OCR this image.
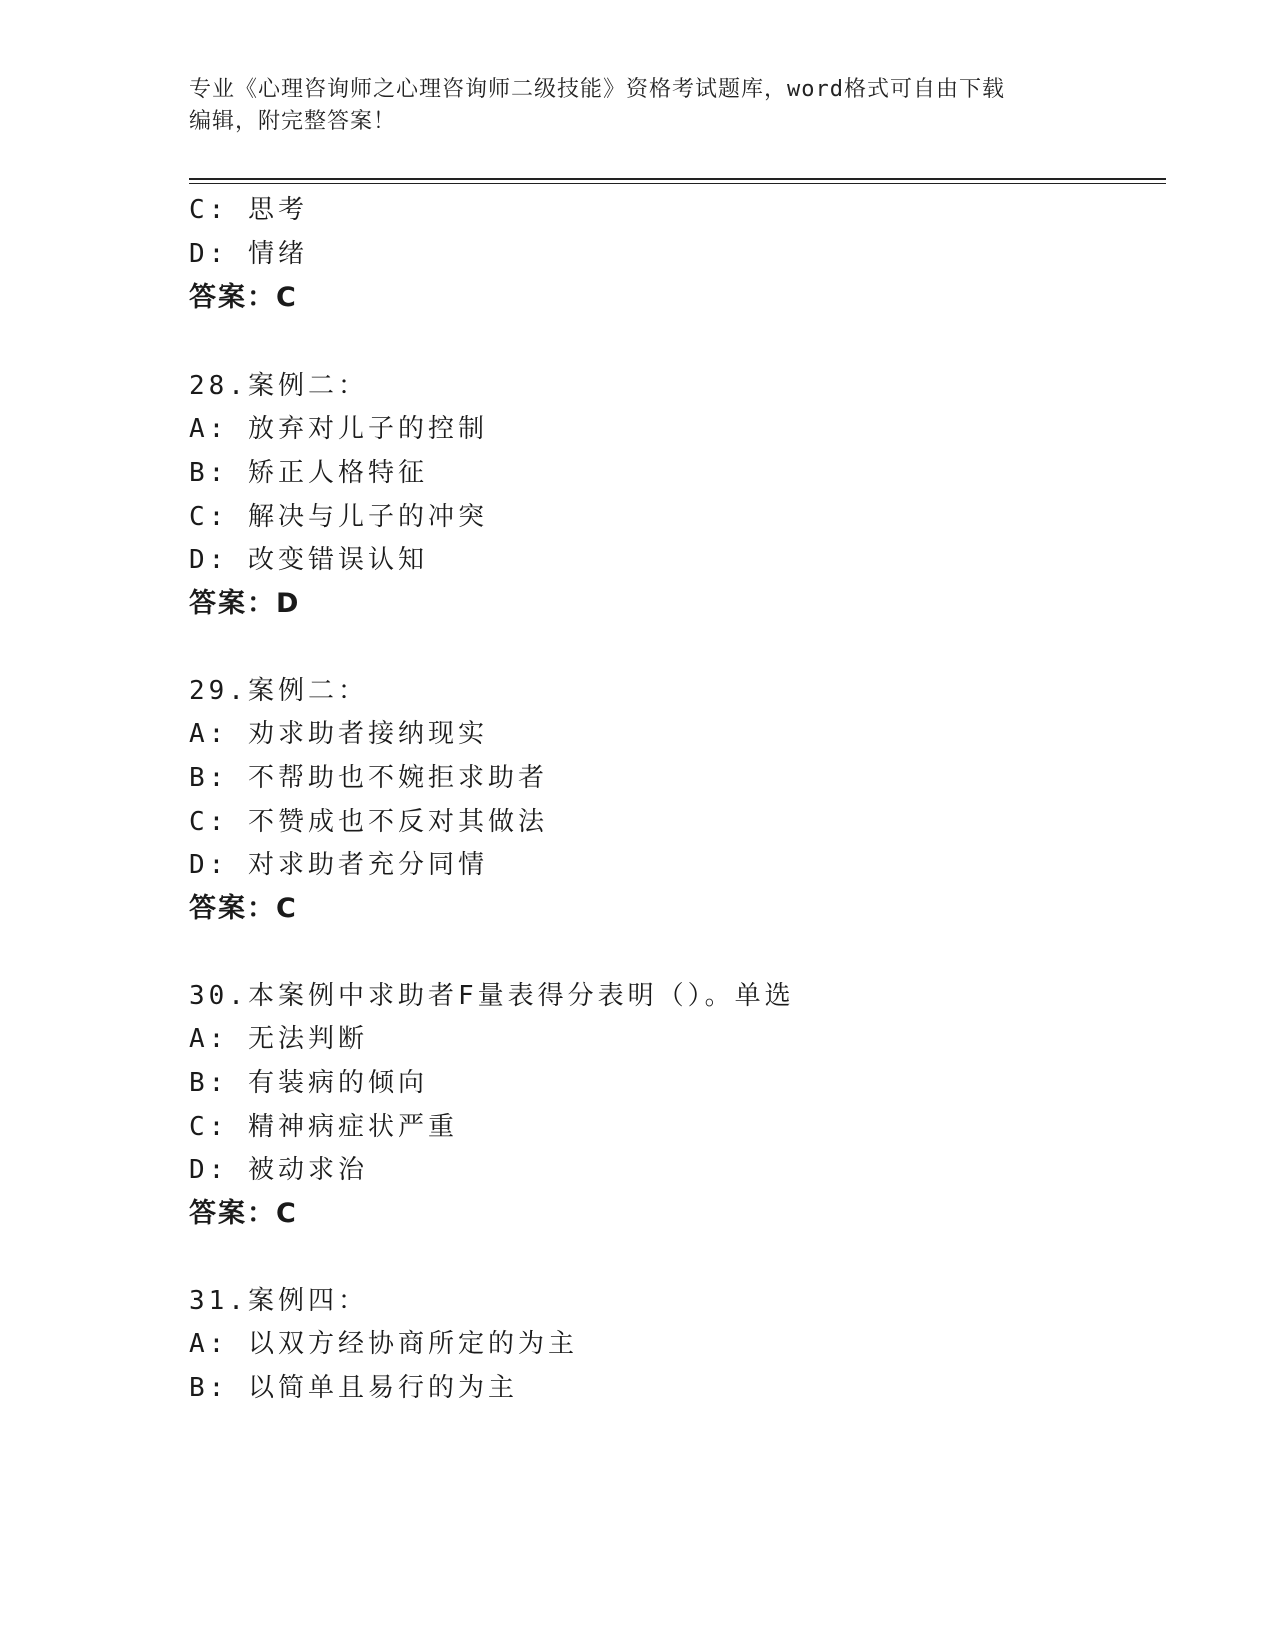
专业《心理咨询师之心理咨询师二级技能》资格考试题库，word格式可自由下载
编辑，附完整答案！
C: 思考
D: 情绪
答案：C
28.案例二：
A: 放弃对儿子的控制
B: 矫正人格特征
C: 解决与儿子的冲突
D: 改变错误认知
答案：D
29.案例二：
A: 劝求助者接纳现实
B: 不帮助也不婉拒求助者
C: 不赞成也不反对其做法
D: 对求助者充分同情
答案：C
30.本案例中求助者F量表得分表明（）。单选
A: 无法判断
B: 有装病的倾向
C: 精神病症状严重
D: 被动求治
答案：C
31.案例四：
A: 以双方经协商所定的为主
B: 以简单且易行的为主
